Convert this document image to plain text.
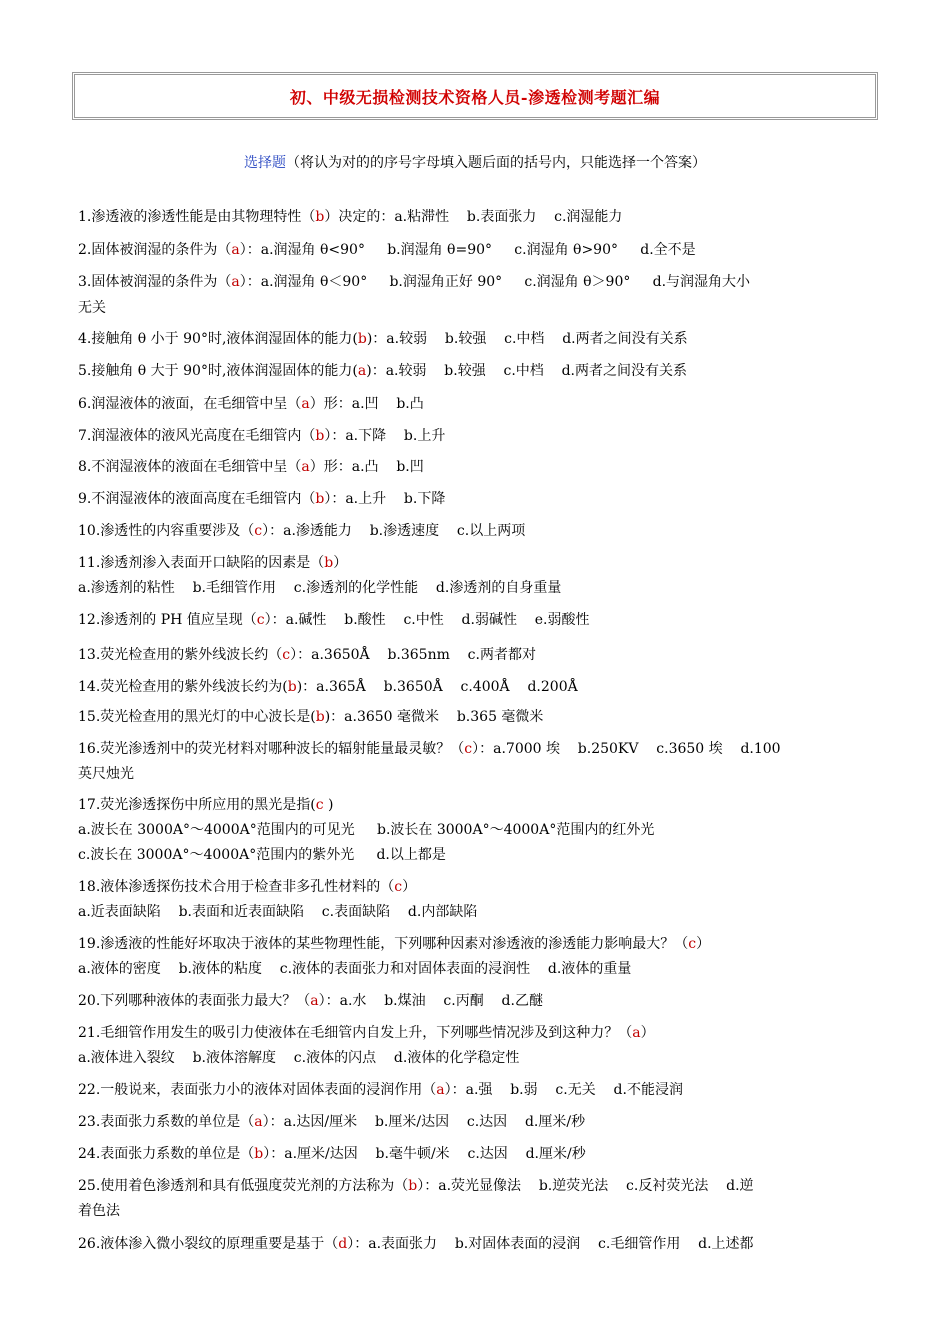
初、中级无损检测技术资格人员-渗透检测考题汇编
选择题（将认为对的的序号字母填入题后面的括号内，只能选择一个答案）
1.渗透液的渗透性能是由其物理特性（b）决定的：a.粘滞性    b.表面张力    c.润湿能力
2.固体被润湿的条件为（a）：a.润湿角 θ<90°     b.润湿角 θ=90°     c.润湿角 θ>90°     d.全不是
3.固体被润湿的条件为（a）：a.润湿角 θ＜90°     b.润湿角正好 90°     c.润湿角 θ＞90°     d.与润湿角大小
无关
4.接触角 θ 小于 90°时,液体润湿固体的能力(b)：a.较弱    b.较强    c.中档    d.两者之间没有关系
5.接触角 θ 大于 90°时,液体润湿固体的能力(a)：a.较弱    b.较强    c.中档    d.两者之间没有关系
6.润湿液体的液面，在毛细管中呈（a）形：a.凹    b.凸
7.润湿液体的液风光高度在毛细管内（b）：a.下降    b.上升
8.不润湿液体的液面在毛细管中呈（a）形：a.凸    b.凹
9.不润湿液体的液面高度在毛细管内（b）：a.上升    b.下降
10.渗透性的内容重要涉及（c）：a.渗透能力    b.渗透速度    c.以上两项
11.渗透剂渗入表面开口缺陷的因素是（b）
a.渗透剂的粘性    b.毛细管作用    c.渗透剂的化学性能    d.渗透剂的自身重量
12.渗透剂的 PH 值应呈现（c）：a.碱性    b.酸性    c.中性    d.弱碱性    e.弱酸性
13.荧光检查用的紫外线波长约（c）：a.3650Å    b.365nm    c.两者都对
14.荧光检查用的紫外线波长约为(b)：a.365Å    b.3650Å    c.400Å    d.200Å
15.荧光检查用的黑光灯的中心波长是(b)：a.3650 毫微米    b.365 毫微米
16.荧光渗透剂中的荧光材料对哪种波长的辐射能量最灵敏？（c）：a.7000 埃    b.250KV    c.3650 埃    d.100
英尺烛光
17.荧光渗透探伤中所应用的黑光是指(c )
a.波长在 3000A°～4000A°范围内的可见光     b.波长在 3000A°～4000A°范围内的红外光
c.波长在 3000A°～4000A°范围内的紫外光     d.以上都是
18.液体渗透探伤技术合用于检查非多孔性材料的（c）
a.近表面缺陷    b.表面和近表面缺陷    c.表面缺陷    d.内部缺陷
19.渗透液的性能好坏取决于液体的某些物理性能，下列哪种因素对渗透液的渗透能力影响最大？（c）
a.液体的密度    b.液体的粘度    c.液体的表面张力和对固体表面的浸润性    d.液体的重量
20.下列哪种液体的表面张力最大？（a）：a.水    b.煤油    c.丙酮    d.乙醚
21.毛细管作用发生的吸引力使液体在毛细管内自发上升，下列哪些情况涉及到这种力？（a）
a.液体进入裂纹    b.液体溶解度    c.液体的闪点    d.液体的化学稳定性
22.一般说来，表面张力小的液体对固体表面的浸润作用（a）：a.强    b.弱    c.无关    d.不能浸润
23.表面张力系数的单位是（a）：a.达因/厘米    b.厘米/达因    c.达因    d.厘米/秒
24.表面张力系数的单位是（b）：a.厘米/达因    b.毫牛顿/米    c.达因    d.厘米/秒
25.使用着色渗透剂和具有低强度荧光剂的方法称为（b）：a.荧光显像法    b.逆荧光法    c.反衬荧光法    d.逆
着色法
26.液体渗入微小裂纹的原理重要是基于（d）：a.表面张力    b.对固体表面的浸润    c.毛细管作用    d.上述都
